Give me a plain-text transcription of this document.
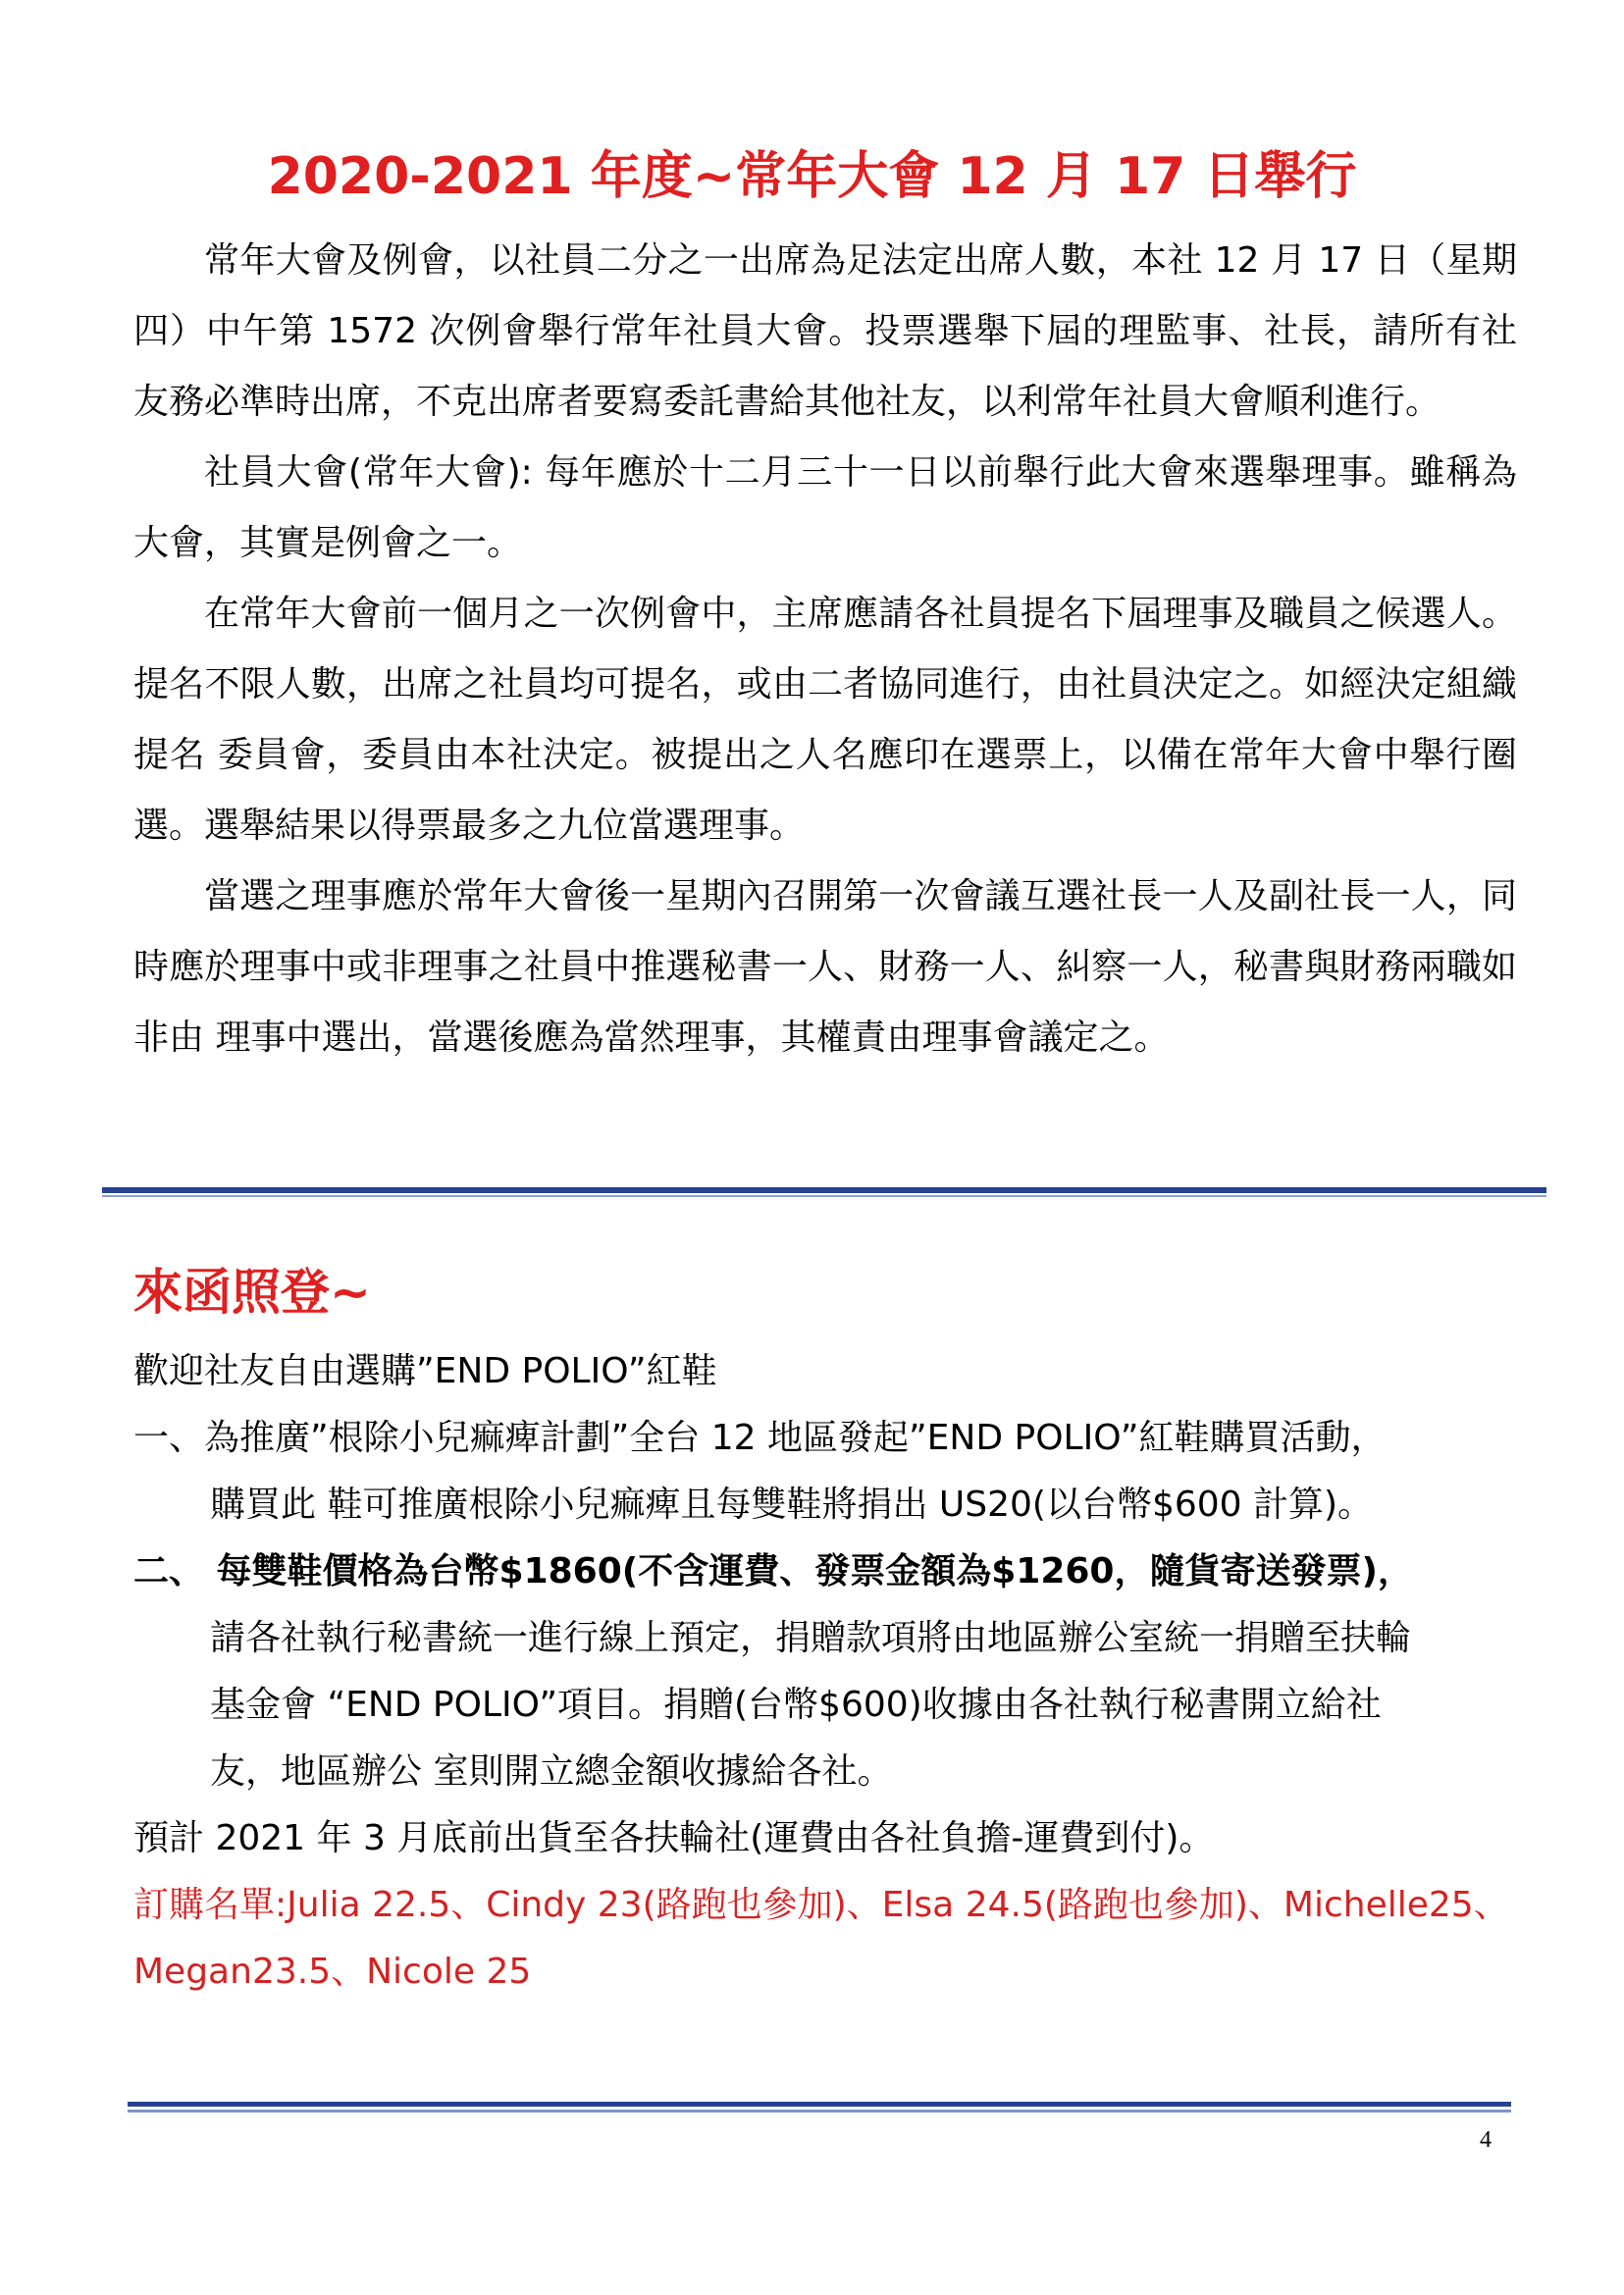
2020-2021 年度~常年大會 12 月 17 日舉行

常年大會及例會，以社員二分之一出席為足法定出席人數，本社 12 月 17 日（星期四）中午第 1572 次例會舉行常年社員大會。投票選舉下屆的理監事、社長，請所有社友務必準時出席，不克出席者要寫委託書給其他社友，以利常年社員大會順利進行。

社員大會(常年大會): 每年應於十二月三十一日以前舉行此大會來選舉理事。雖稱為大會，其實是例會之一。

在常年大會前一個月之一次例會中，主席應請各社員提名下屆理事及職員之候選人。提名不限人數，出席之社員均可提名，或由二者協同進行，由社員決定之。如經決定組織提名 委員會，委員由本社決定。被提出之人名應印在選票上，以備在常年大會中舉行圈選。選舉結果以得票最多之九位當選理事。

當選之理事應於常年大會後一星期內召開第一次會議互選社長一人及副社長一人，同時應於理事中或非理事之社員中推選秘書一人、財務一人、糾察一人，秘書與財務兩職如非由 理事中選出，當選後應為當然理事，其權責由理事會議定之。

來函照登~
歡迎社友自由選購”END POLIO”紅鞋
一、為推廣”根除小兒痲痺計劃”全台 12 地區發起”END POLIO”紅鞋購買活動，
購買此 鞋可推廣根除小兒痲痺且每雙鞋將捐出 US20(以台幣$600 計算)。
二、 每雙鞋價格為台幣$1860(不含運費、發票金額為$1260，隨貨寄送發票)，
請各社執行秘書統一進行線上預定，捐贈款項將由地區辦公室統一捐贈至扶輪
基金會 “END POLIO”項目。捐贈(台幣$600)收據由各社執行秘書開立給社
友，地區辦公 室則開立總金額收據給各社。
預計 2021 年 3 月底前出貨至各扶輪社(運費由各社負擔-運費到付)。
訂購名單:Julia 22.5、Cindy 23(路跑也參加)、Elsa 24.5(路跑也參加)、Michelle25、
Megan23.5、Nicole 25
4
